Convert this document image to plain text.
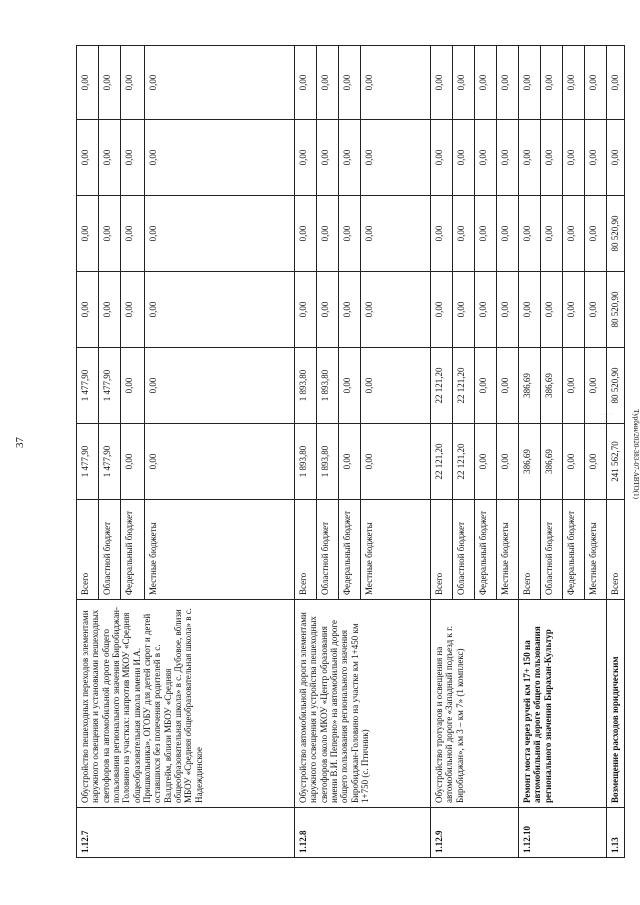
37	Tурбин/2020-383-07-АВТО(1)
· · · ·
· · ·
· ·
1.12.7	Обустройство пешеходных переходов элементами наружного освещения и установками пешеходных светофоров на автомобильной дороге общего пользования регионального значения Биробиджан-Головино на участках: напротив МКОУ «Средняя общеобразовательная школа имени И.А. Пришкольника», ОГОБУ для детей сирот и детей оставшихся без попечения родителей в с. Валдгейм, вблизи МБОУ «Средняя общеобразовательная школа» в с. Дубовое, вблизи МБОУ «Средняя общеобразовательная школа» в с. Надеждинское	Всего	1 477,90	1 477,90	0,00	0,00	0,00	0,00
		Областной бюджет	1 477,90	1 477,90	0,00	0,00	0,00	0,00
		Федеральный бюджет	0,00	0,00	0,00	0,00	0,00	0,00
		Местные бюджеты	0,00	0,00	0,00	0,00	0,00	0,00
1.12.8	Обустройство автомобильной дороги элементами наружного освещения и устройства пешеходных светофоров около МКОУ «Центр образования имени В.И. Пеперно» на автомобильной дороге общего пользования регионального значения Биробиджан-Головино на участке км 1+450 км 1+750 (с. Птичник)	Всего	1 893,80	1 893,80	0,00	0,00	0,00	0,00
		Областной бюджет	1 893,80	1 893,80	0,00	0,00	0,00	0,00
		Федеральный бюджет	0,00	0,00	0,00	0,00	0,00	0,00
		Местные бюджеты	0,00	0,00	0,00	0,00	0,00	0,00
1.12.9	Обустройство тротуаров и освещения на автомобильной дороге «Западный подъезд к г. Биробиджан», км 3 – км 7» (1 комплекс)	Всего	22 121,20	22 121,20	0,00	0,00	0,00	0,00
		Областной бюджет	22 121,20	22 121,20	0,00	0,00	0,00	0,00
		Федеральный бюджет	0,00	0,00	0,00	0,00	0,00	0,00
		Местные бюджеты	0,00	0,00	0,00	0,00	0,00	0,00
1.12.10	Ремонт моста через ручей км 17+ 150 на автомобильной дороге общего пользования регионального значения Бирахан-Культур	Всего	386,69	386,69	0,00	0,00	0,00	0,00
		Областной бюджет	386,69	386,69	0,00	0,00	0,00	0,00
		Федеральный бюджет	0,00	0,00	0,00	0,00	0,00	0,00
		Местные бюджеты	0,00	0,00	0,00	0,00	0,00	0,00
1.13	Возмещение расходов юридическим	Всего	241 562,70	80 520,90	80 520,90	80 520,90	0,00	0,00
